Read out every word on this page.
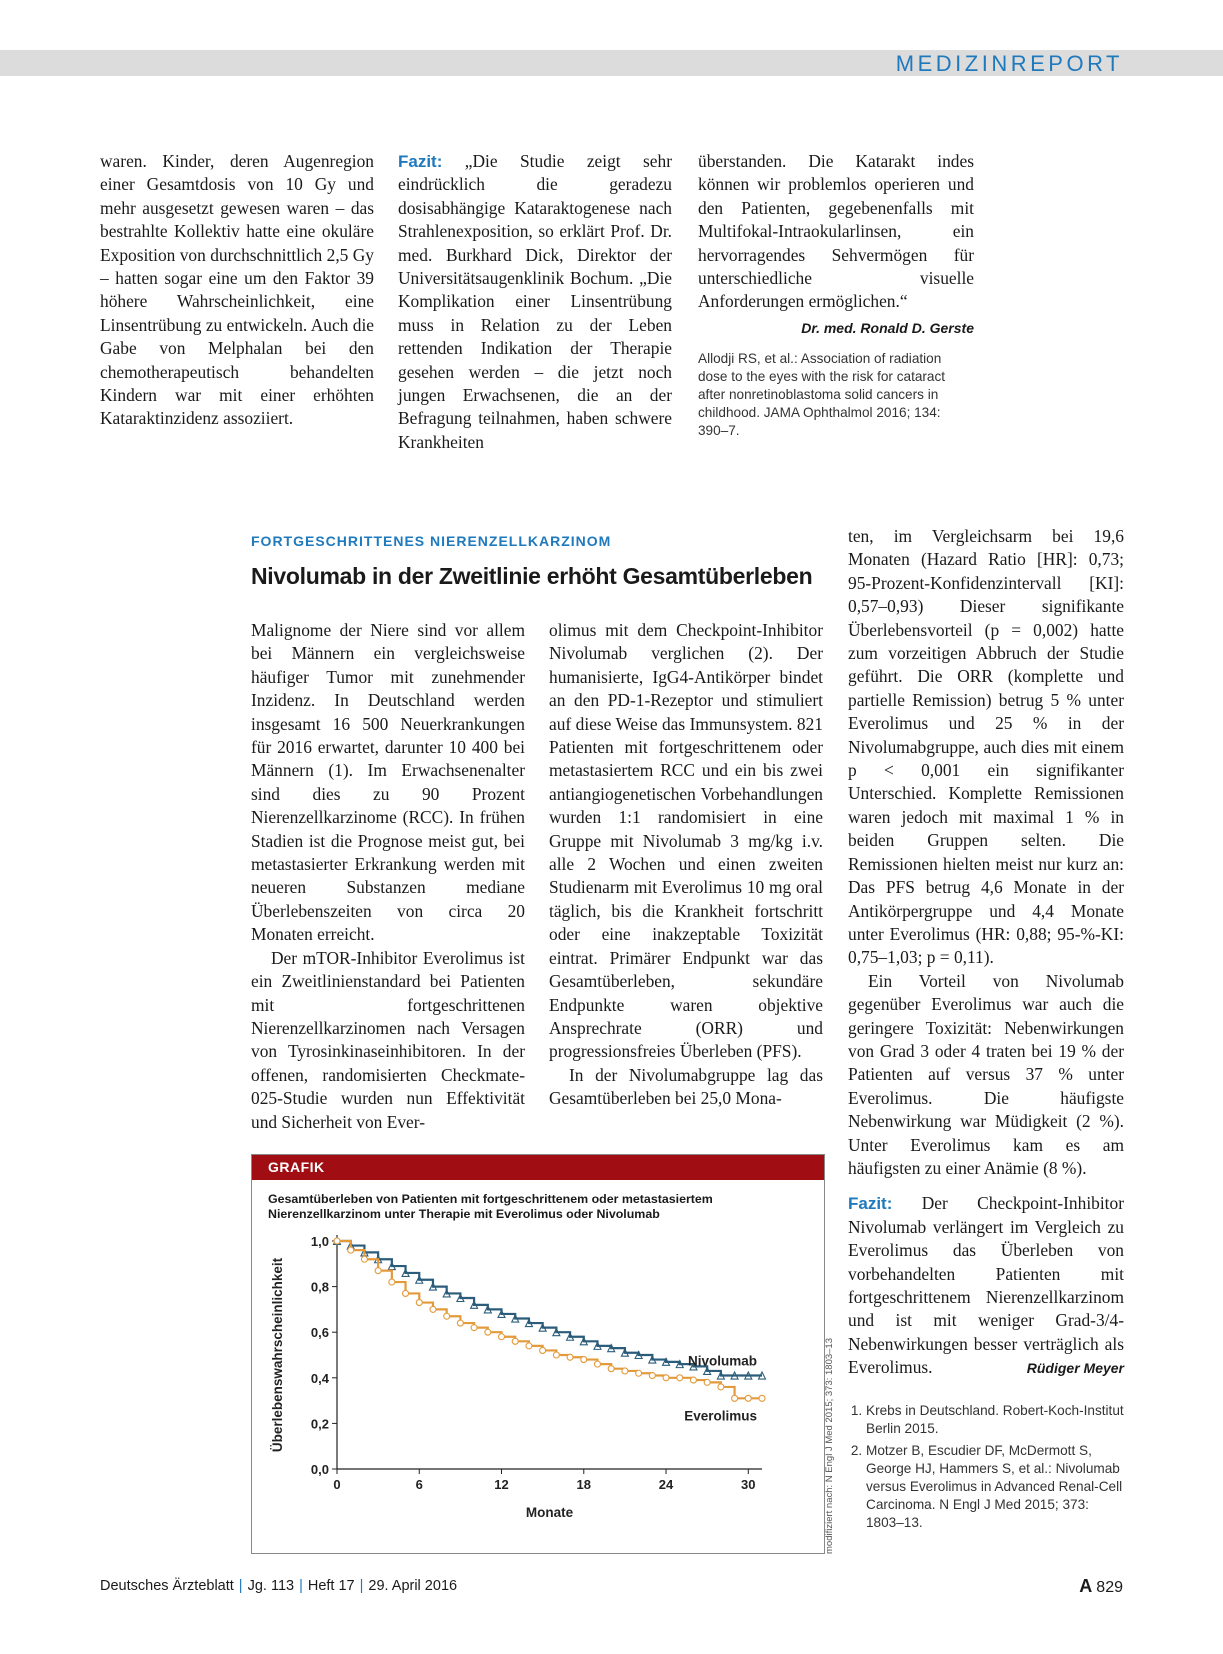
MEDIZINREPORT

waren. Kinder, deren Augenregion einer Gesamtdosis von 10 Gy und mehr ausgesetzt gewesen waren – das bestrahlte Kollektiv hatte eine okuläre Exposition von durchschnittlich 2,5 Gy – hatten sogar eine um den Faktor 39 höhere Wahrscheinlichkeit, eine Linsentrübung zu entwickeln. Auch die Gabe von Melphalan bei den chemotherapeutisch behandelten Kindern war mit einer erhöhten Kataraktinzidenz assoziiert.

Fazit: „Die Studie zeigt sehr eindrücklich die geradezu dosisabhängige Kataraktogenese nach Strahlenexposition, so erklärt Prof. Dr. med. Burkhard Dick, Direktor der Universitätsaugenklinik Bochum. „Die Komplikation einer Linsentrübung muss in Relation zu der Leben rettenden Indikation der Therapie gesehen werden – die jetzt noch jungen Erwachsenen, die an der Befragung teilnahmen, haben schwere Krankheiten

überstanden. Die Katarakt indes können wir problemlos operieren und den Patienten, gegebenenfalls mit Multifokal-Intraokularlinsen, ein hervorragendes Sehvermögen für unterschiedliche visuelle Anforderungen ermöglichen.“

Dr. med. Ronald D. Gerste
Allodji RS, et al.: Association of radiation dose to the eyes with the risk for cataract after nonretinoblastoma solid cancers in childhood. JAMA Ophthalmol 2016; 134: 390–7.
FORTGESCHRITTENES NIERENZELLKARZINOM
Nivolumab in der Zweitlinie erhöht Gesamtüberleben

Malignome der Niere sind vor allem bei Männern ein vergleichsweise häufiger Tumor mit zunehmender Inzidenz. In Deutschland werden insgesamt 16 500 Neuerkrankungen für 2016 erwartet, darunter 10 400 bei Männern (1). Im Erwachsenenalter sind dies zu 90 Prozent Nierenzellkarzinome (RCC). In frühen Stadien ist die Prognose meist gut, bei metastasierter Erkrankung werden mit neueren Substanzen mediane Überlebenszeiten von circa 20 Monaten erreicht.

Der mTOR-Inhibitor Everolimus ist ein Zweitlinienstandard bei Patienten mit fortgeschrittenen Nierenzellkarzinomen nach Versagen von Tyrosinkinaseinhibitoren. In der offenen, randomisierten Checkmate-025-Studie wurden nun Effektivität und Sicherheit von Ever-

olimus mit dem Checkpoint-Inhibitor Nivolumab verglichen (2). Der humanisierte, IgG4-Antikörper bindet an den PD-1-Rezeptor und stimuliert auf diese Weise das Immunsystem. 821 Patienten mit fortgeschrittenem oder metastasiertem RCC und ein bis zwei antiangiogenetischen Vorbehandlungen wurden 1:1 randomisiert in eine Gruppe mit Nivolumab 3 mg/kg i.v. alle 2 Wochen und einen zweiten Studienarm mit Everolimus 10 mg oral täglich, bis die Krankheit fortschritt oder eine inakzeptable Toxizität eintrat. Primärer Endpunkt war das Gesamtüberleben, sekundäre Endpunkte waren objektive Ansprechrate (ORR) und progressionsfreies Überleben (PFS).

In der Nivolumabgruppe lag das Gesamtüberleben bei 25,0 Mona-

ten, im Vergleichsarm bei 19,6 Monaten (Hazard Ratio [HR]: 0,73; 95-Prozent-Konfidenzintervall [KI]: 0,57–0,93) Dieser signifikante Überlebensvorteil (p = 0,002) hatte zum vorzeitigen Abbruch der Studie geführt. Die ORR (komplette und partielle Remission) betrug 5 % unter Everolimus und 25 % in der Nivolumabgruppe, auch dies mit einem p < 0,001 ein signifikanter Unterschied. Komplette Remissionen waren jedoch mit maximal 1 % in beiden Gruppen selten. Die Remissionen hielten meist nur kurz an: Das PFS betrug 4,6 Monate in der Antikörpergruppe und 4,4 Monate unter Everolimus (HR: 0,88; 95-%-KI: 0,75–1,03; p = 0,11).

Ein Vorteil von Nivolumab gegenüber Everolimus war auch die geringere Toxizität: Nebenwirkungen von Grad 3 oder 4 traten bei 19 % der Patienten auf versus 37 % unter Everolimus. Die häufigste Nebenwirkung war Müdigkeit (2 %). Unter Everolimus kam es am häufigsten zu einer Anämie (8 %).

Fazit: Der Checkpoint-Inhibitor Nivolumab verlängert im Vergleich zu Everolimus das Überleben von vorbehandelten Patienten mit fortgeschrittenem Nierenzellkarzinom und ist mit weniger Grad-3/4-Nebenwirkungen besser verträglich als Everolimus.	Rüdiger Meyer
1. Krebs in Deutschland. Robert-Koch-Institut Berlin 2015.
2. Motzer B, Escudier DF, McDermott S, George HJ, Hammers S, et al.: Nivolumab versus Everolimus in Advanced Renal-Cell Carcinoma. N Engl J Med 2015; 373: 1803–13.
GRAFIK
Gesamtüberleben von Patienten mit fortgeschrittenem oder metastasiertem Nierenzellkarzinom unter Therapie mit Everolimus oder Nivolumab
0,0
0,2
0,4
0,6
0,8
1,0
0	6	12	18	24	30
Monate
Überlebenswahrscheinlichkeit	Nivolumab
Everolimus	modifiziert nach: N Engl J Med 2015; 373: 1803–13
Deutsches Ärzteblatt | Jg. 113 | Heft 17 | 29. April 2016	A 829
